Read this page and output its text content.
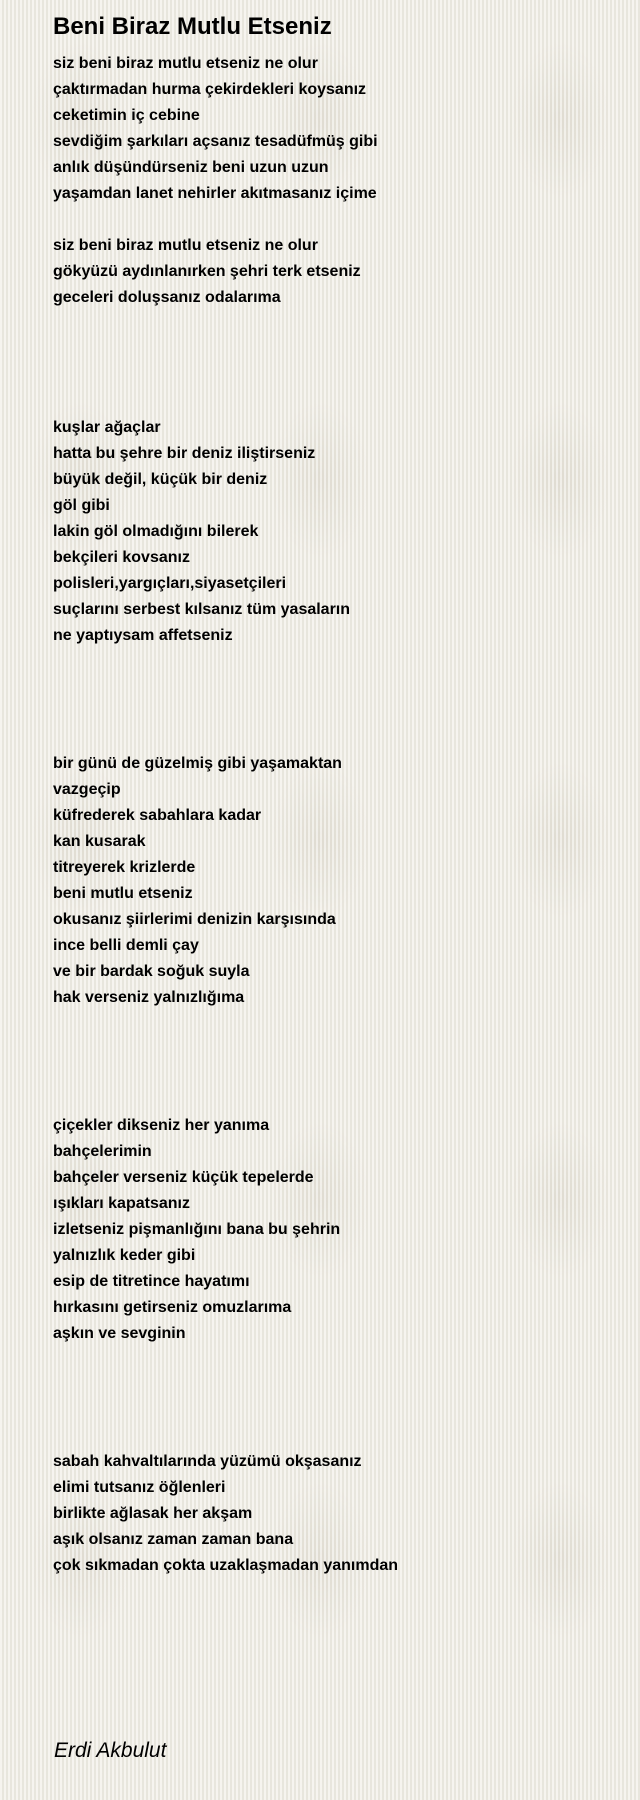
Beni Biraz Mutlu Etseniz
siz beni biraz mutlu etseniz ne olur
çaktırmadan hurma çekirdekleri koysanız
ceketimin iç cebine
sevdiğim şarkıları açsanız tesadüfmüş gibi
anlık düşündürseniz beni uzun uzun
yaşamdan lanet nehirler akıtmasanız içime
siz beni biraz mutlu etseniz ne olur
gökyüzü aydınlanırken şehri terk etseniz
geceleri doluşsanız odalarıma
kuşlar ağaçlar
hatta bu şehre bir deniz iliştirseniz
büyük değil, küçük bir deniz
göl gibi
lakin göl olmadığını bilerek
bekçileri kovsanız
polisleri,yargıçları,siyasetçileri
suçlarını serbest kılsanız tüm yasaların
ne yaptıysam affetseniz
bir günü de güzelmiş gibi yaşamaktan
vazgeçip
küfrederek sabahlara kadar
kan kusarak
titreyerek krizlerde
beni mutlu etseniz
okusanız şiirlerimi denizin karşısında
ince belli demli çay
ve bir bardak soğuk suyla
hak verseniz yalnızlığıma
çiçekler dikseniz her yanıma
bahçelerimin
bahçeler verseniz küçük tepelerde
ışıkları kapatsanız
izletseniz pişmanlığını bana bu şehrin
yalnızlık keder gibi
esip de titretince hayatımı
hırkasını getirseniz omuzlarıma
aşkın ve sevginin
sabah kahvaltılarında yüzümü okşasanız
elimi tutsanız öğlenleri
birlikte ağlasak her akşam
aşık olsanız zaman zaman bana
çok sıkmadan çokta uzaklaşmadan yanımdan
Erdi Akbulut
